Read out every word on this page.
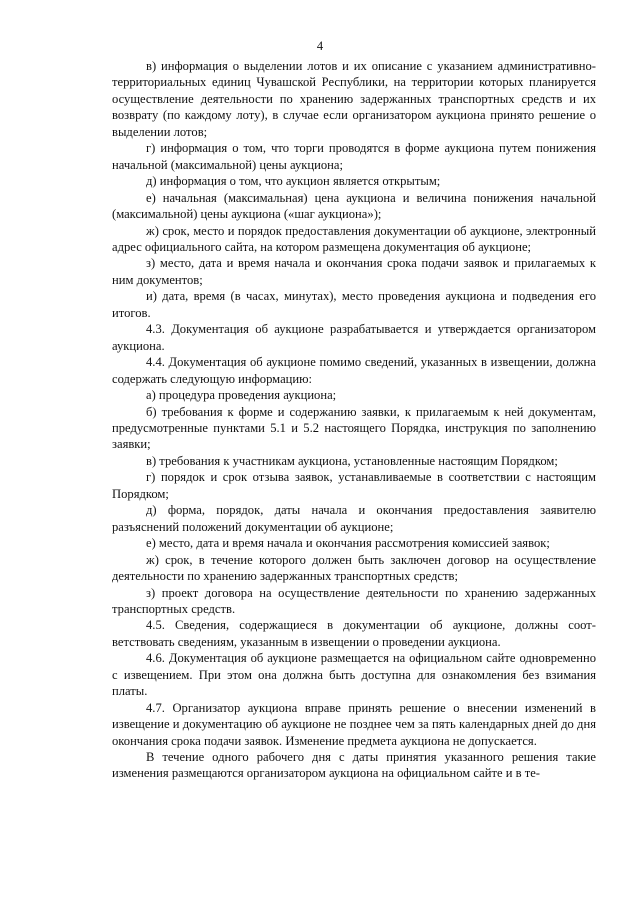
4

в) информация о выделении лотов и их описание с указанием административно-территориальных единиц Чувашской Республики, на территории которых планируется осуществление деятельности по хранению задержанных транспортных средств и их возврату (по каждому лоту), в случае если организатором аукциона принято решение о выделении лотов;

г) информация о том, что торги проводятся в форме аукциона путем понижения начальной (максимальной) цены аукциона;

д) информация о том, что аукцион является открытым;

е) начальная (максимальная) цена аукциона и величина понижения начальной (максимальной) цены аукциона («шаг аукциона»);

ж) срок, место и порядок предоставления документации об аукционе, электронный адрес официального сайта, на котором размещена документация об аукционе;

з) место, дата и время начала и окончания срока подачи заявок и прилагаемых к ним документов;

и) дата, время (в часах, минутах), место проведения аукциона и подведения его итогов.

4.3. Документация об аукционе разрабатывается и утверждается организатором аукциона.

4.4. Документация об аукционе помимо сведений, указанных в извещении, должна содержать следующую информацию:

а) процедура проведения аукциона;

б) требования к форме и содержанию заявки, к прилагаемым к ней документам, предусмотренные пунктами 5.1 и 5.2 настоящего Порядка, инструкция по заполнению заявки;

в) требования к участникам аукциона, установленные настоящим Порядком;

г) порядок и срок отзыва заявок, устанавливаемые в соответствии с настоящим Порядком;

д) форма, порядок, даты начала и окончания предоставления заявителю разъяснений положений документации об аукционе;

е) место, дата и время начала и окончания рассмотрения комиссией заявок;

ж) срок, в течение которого должен быть заключен договор на осуществление деятельности по хранению задержанных транспортных средств;

з) проект договора на осуществление деятельности по хранению задержанных транспортных средств.

4.5. Сведения, содержащиеся в документации об аукционе, должны соответствовать сведениям, указанным в извещении о проведении аукциона.

4.6. Документация об аукционе размещается на официальном сайте одновременно с извещением. При этом она должна быть доступна для ознакомления без взимания платы.

4.7. Организатор аукциона вправе принять решение о внесении изменений в извещение и документацию об аукционе не позднее чем за пять календарных дней до дня окончания срока подачи заявок. Изменение предмета аукциона не допускается.

В течение одного рабочего дня с даты принятия указанного решения такие изменения размещаются организатором аукциона на официальном сайте и в те-
